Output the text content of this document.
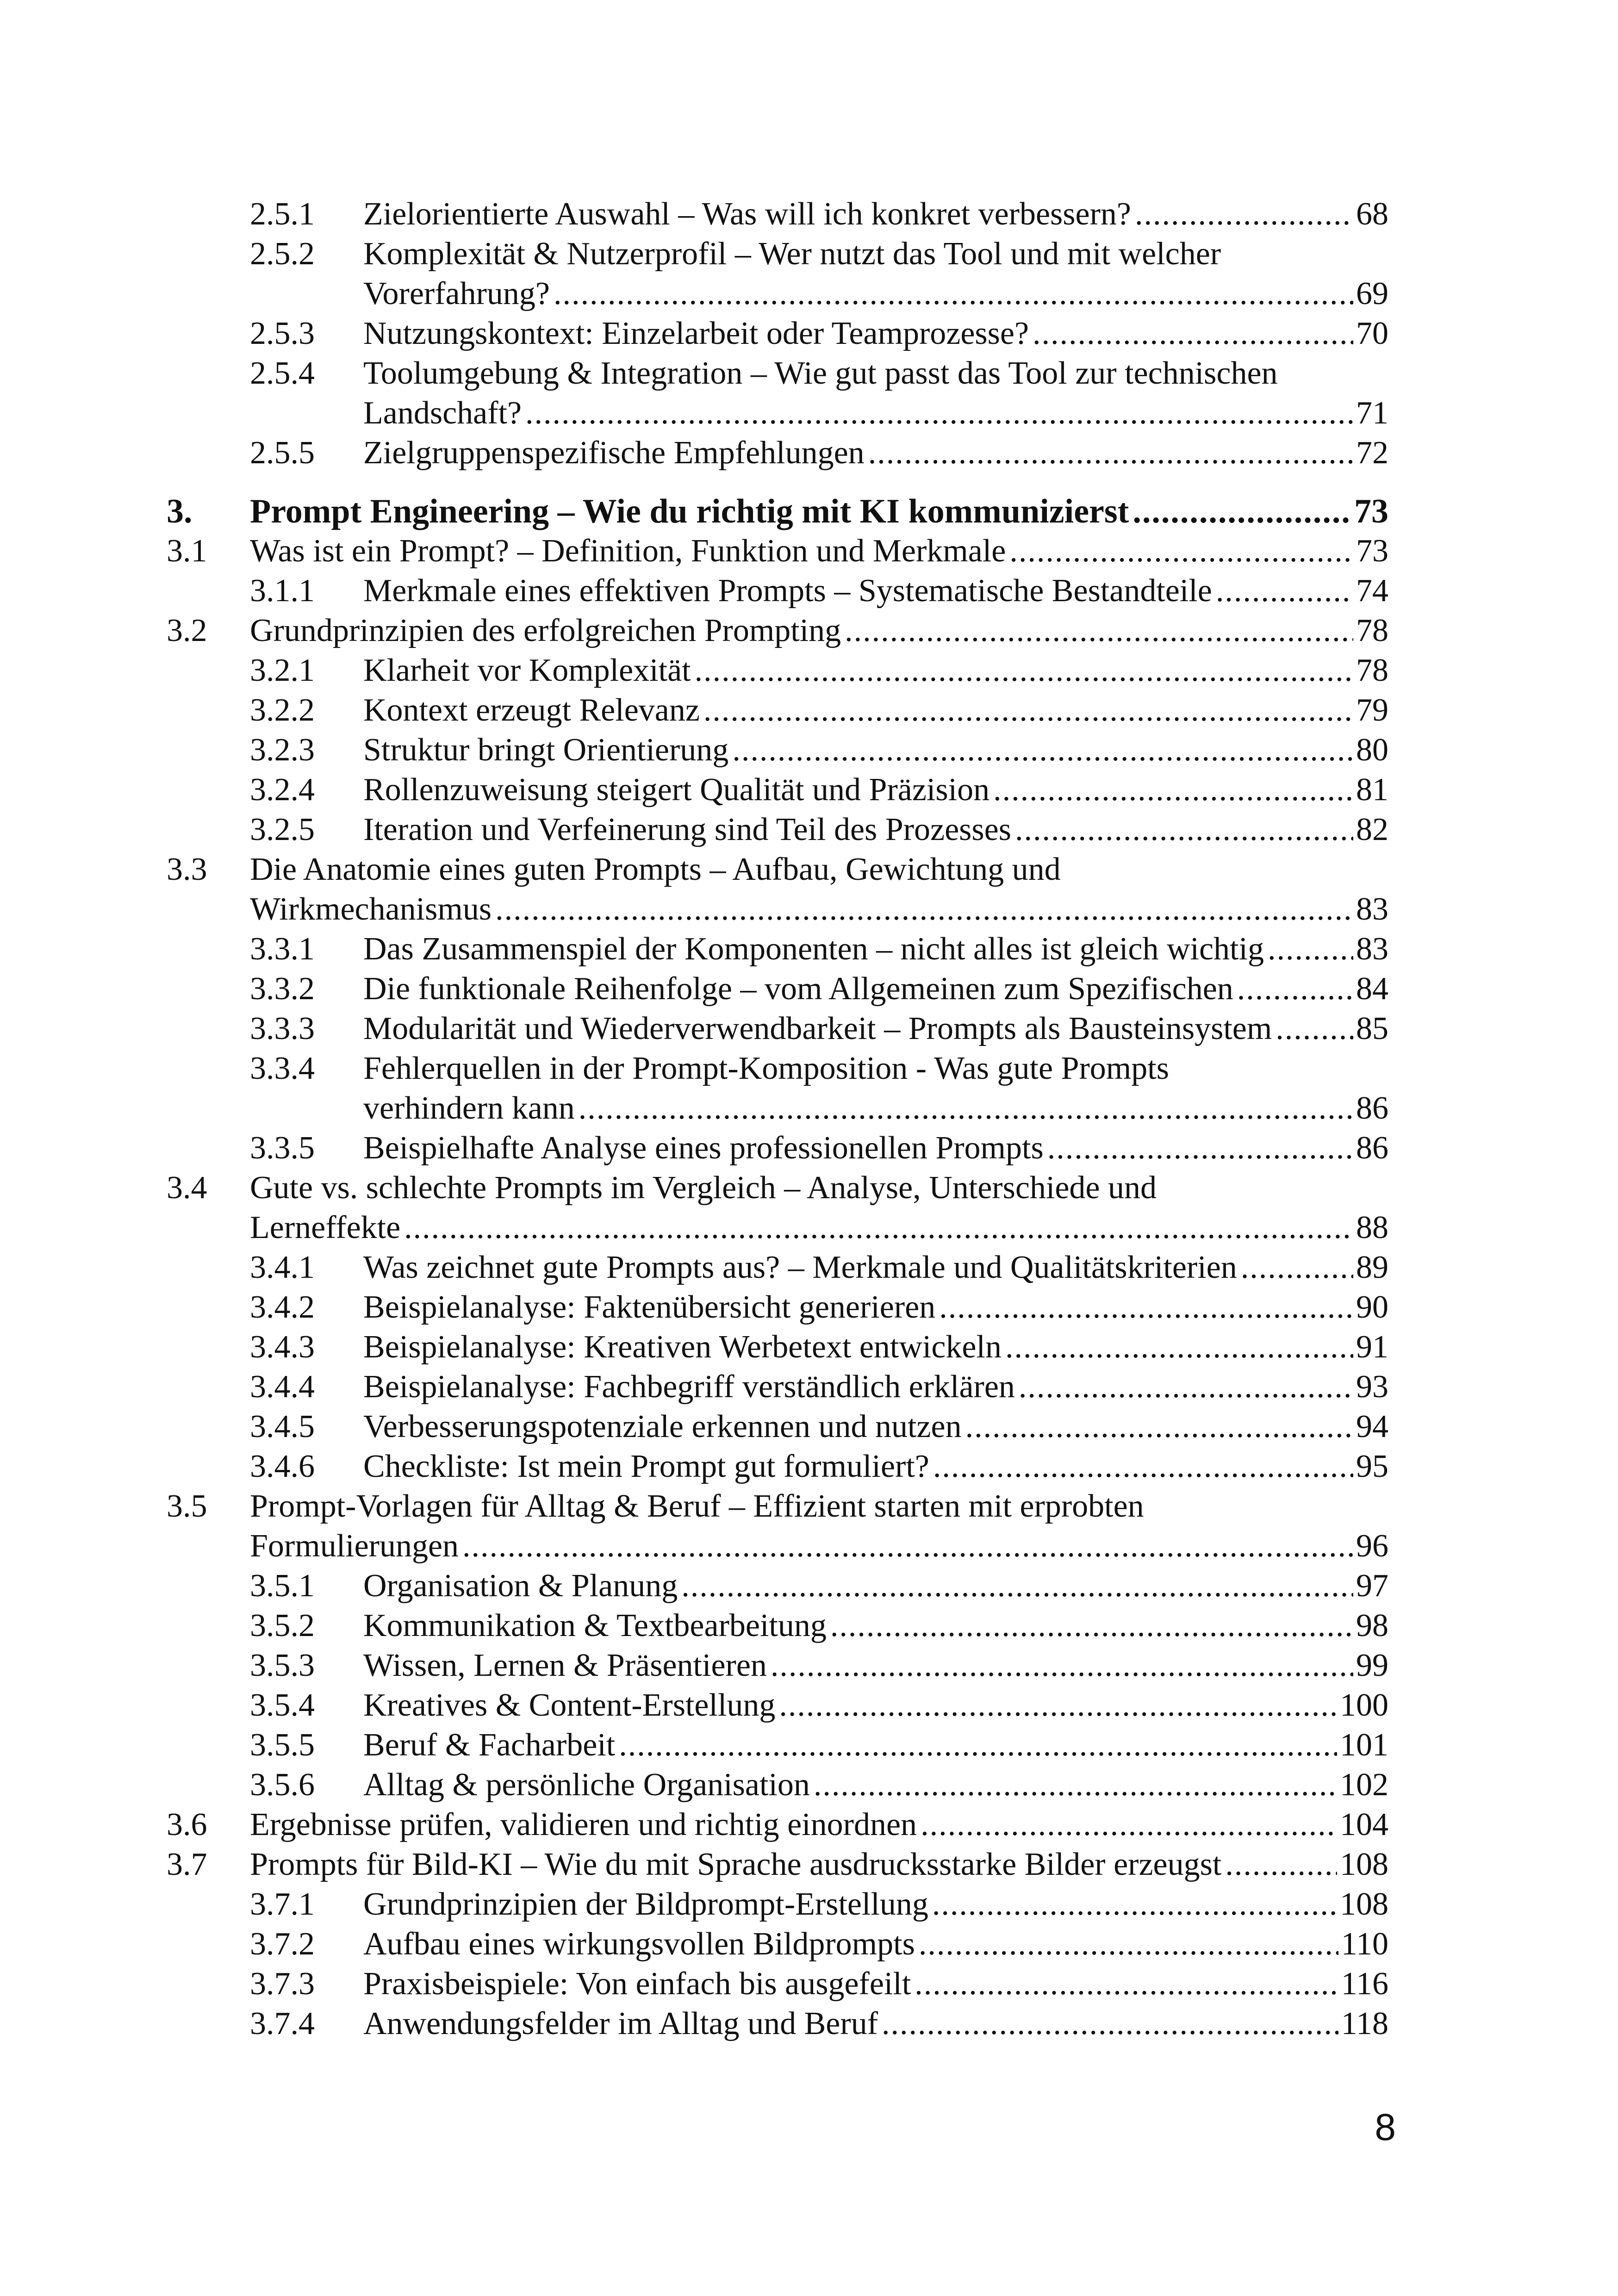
2.5.1	Zielorientierte Auswahl – Was will ich konkret verbessern? .....	68
2.5.2	Komplexität & Nutzerprofil – Wer nutzt das Tool und mit welcher
Vorerfahrung? .....	69
2.5.3	Nutzungskontext: Einzelarbeit oder Teamprozesse? .....	70
2.5.4	Toolumgebung & Integration – Wie gut passt das Tool zur technischen
Landschaft? .....	71
2.5.5	Zielgruppenspezifische Empfehlungen .....	72
3.	Prompt Engineering – Wie du richtig mit KI kommunizierst .....	73
3.1	Was ist ein Prompt? – Definition, Funktion und Merkmale .....	73
3.1.1	Merkmale eines effektiven Prompts – Systematische Bestandteile .....	74
3.2	Grundprinzipien des erfolgreichen Prompting .....	78
3.2.1	Klarheit vor Komplexität .....	78
3.2.2	Kontext erzeugt Relevanz .....	79
3.2.3	Struktur bringt Orientierung .....	80
3.2.4	Rollenzuweisung steigert Qualität und Präzision .....	81
3.2.5	Iteration und Verfeinerung sind Teil des Prozesses .....	82
3.3	Die Anatomie eines guten Prompts – Aufbau, Gewichtung und
Wirkmechanismus .....	83
3.3.1	Das Zusammenspiel der Komponenten – nicht alles ist gleich wichtig .....	83
3.3.2	Die funktionale Reihenfolge – vom Allgemeinen zum Spezifischen .....	84
3.3.3	Modularität und Wiederverwendbarkeit – Prompts als Bausteinsystem .....	85
3.3.4	Fehlerquellen in der Prompt-Komposition - Was gute Prompts
verhindern kann .....	86
3.3.5	Beispielhafte Analyse eines professionellen Prompts .....	86
3.4	Gute vs. schlechte Prompts im Vergleich – Analyse, Unterschiede und
Lerneffekte .....	88
3.4.1	Was zeichnet gute Prompts aus? – Merkmale und Qualitätskriterien .....	89
3.4.2	Beispielanalyse: Faktenübersicht generieren .....	90
3.4.3	Beispielanalyse: Kreativen Werbetext entwickeln .....	91
3.4.4	Beispielanalyse: Fachbegriff verständlich erklären .....	93
3.4.5	Verbesserungspotenziale erkennen und nutzen .....	94
3.4.6	Checkliste: Ist mein Prompt gut formuliert? .....	95
3.5	Prompt-Vorlagen für Alltag & Beruf – Effizient starten mit erprobten
Formulierungen .....	96
3.5.1	Organisation & Planung .....	97
3.5.2	Kommunikation & Textbearbeitung .....	98
3.5.3	Wissen, Lernen & Präsentieren .....	99
3.5.4	Kreatives & Content-Erstellung .....	100
3.5.5	Beruf & Facharbeit .....	101
3.5.6	Alltag & persönliche Organisation .....	102
3.6	Ergebnisse prüfen, validieren und richtig einordnen .....	104
3.7	Prompts für Bild-KI – Wie du mit Sprache ausdrucksstarke Bilder erzeugst .....	108
3.7.1	Grundprinzipien der Bildprompt-Erstellung .....	108
3.7.2	Aufbau eines wirkungsvollen Bildprompts .....	110
3.7.3	Praxisbeispiele: Von einfach bis ausgefeilt .....	116
3.7.4	Anwendungsfelder im Alltag und Beruf .....	118
8
